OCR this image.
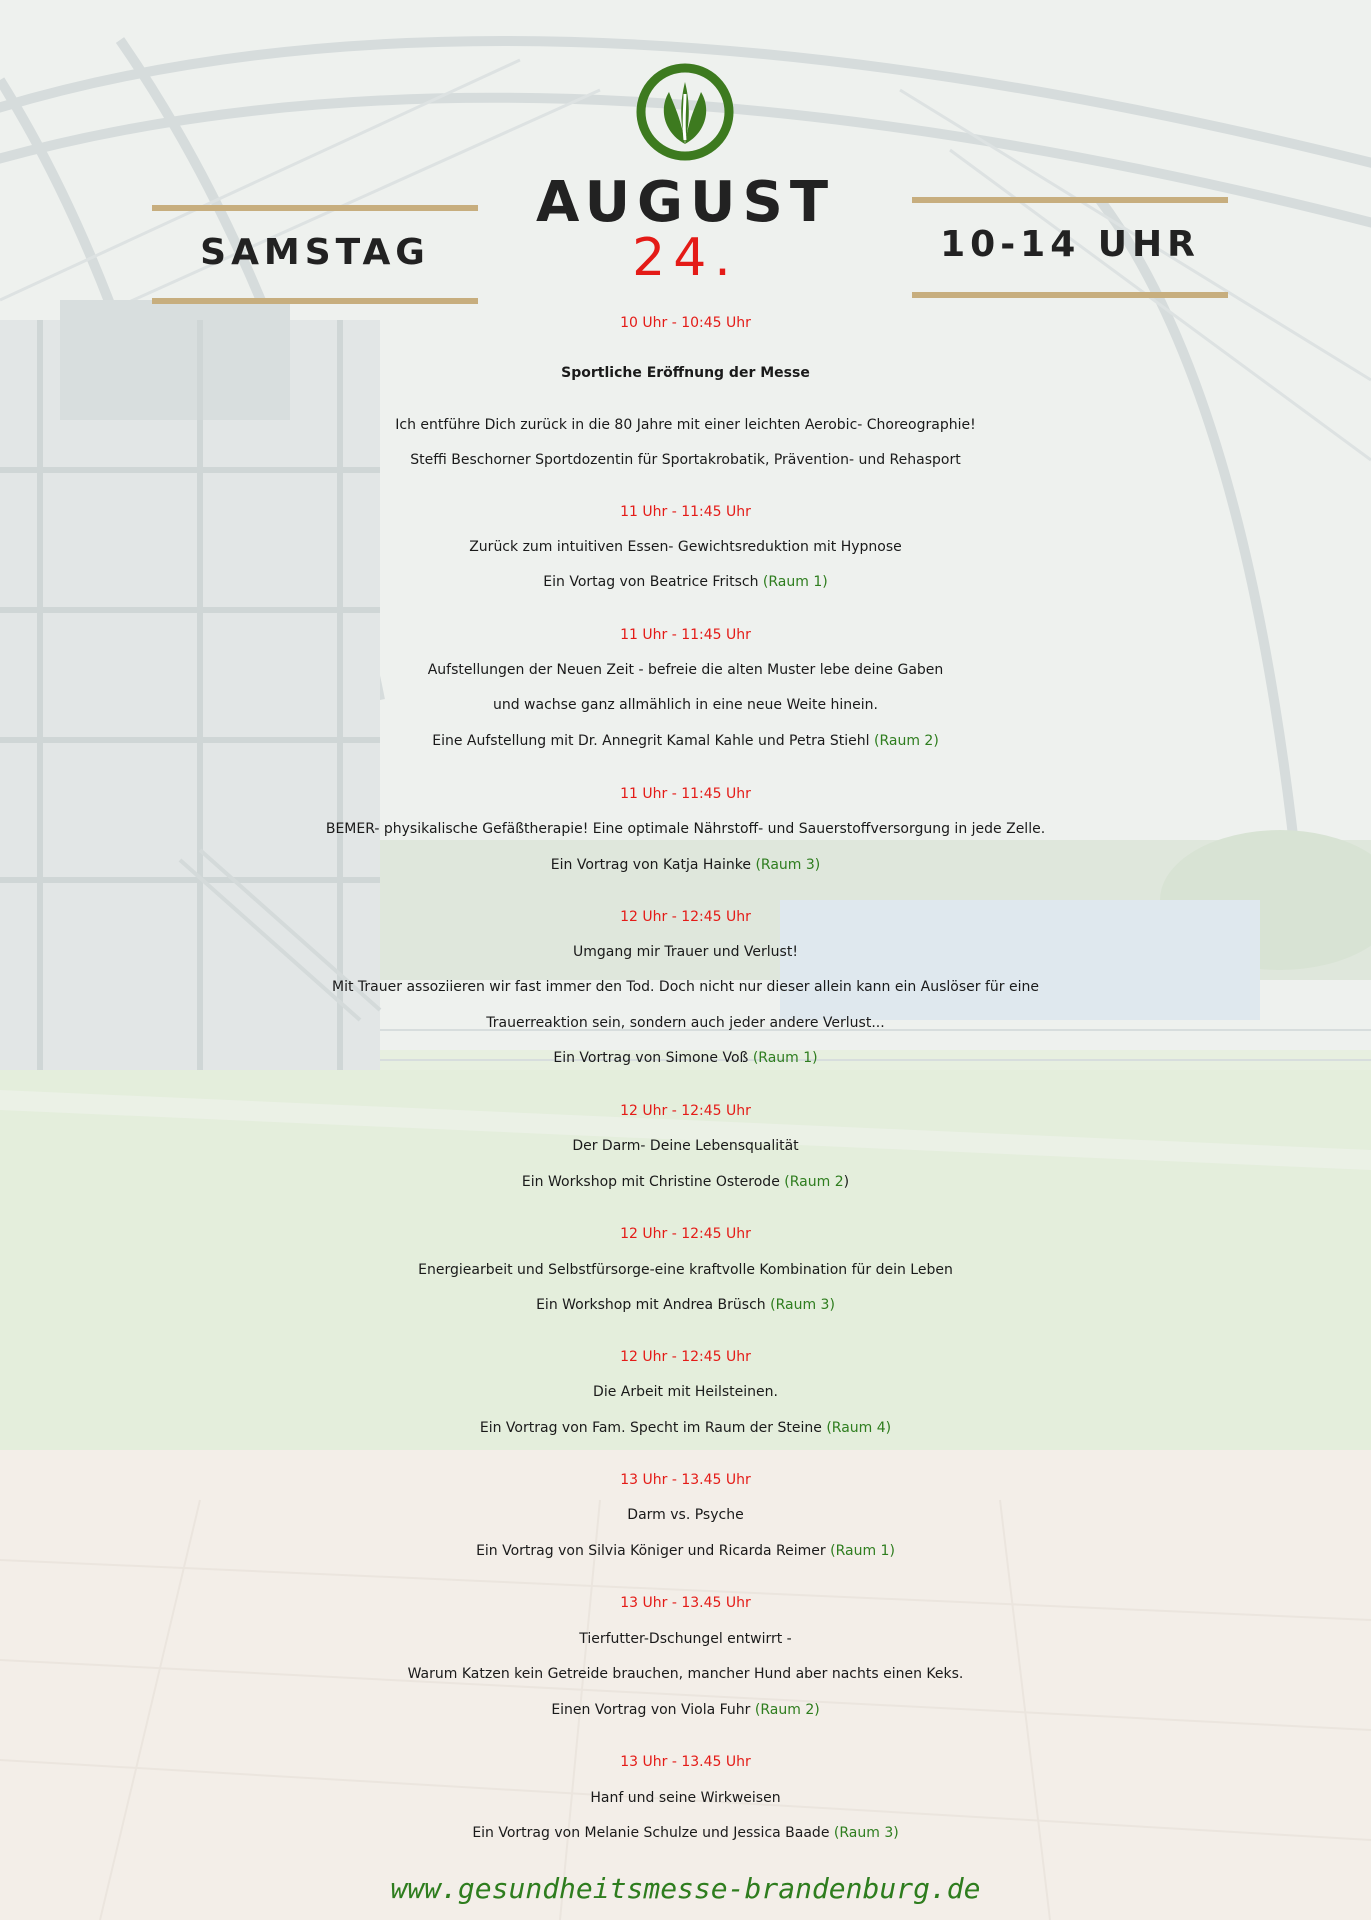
AUGUST
24.
SAMSTAG	10-14 UHR
10 Uhr - 10:45 Uhr
Sportliche Eröffnung der Messe
Ich entführe Dich zurück in die 80 Jahre mit einer leichten Aerobic- Choreographie!
Steffi Beschorner Sportdozentin für Sportakrobatik, Prävention- und Rehasport
11 Uhr - 11:45 Uhr
Zurück zum intuitiven Essen- Gewichtsreduktion mit Hypnose
Ein Vortag von Beatrice Fritsch (Raum 1)
11 Uhr - 11:45 Uhr
Aufstellungen der Neuen Zeit - befreie die alten Muster lebe deine Gaben
und wachse ganz allmählich in eine neue Weite hinein.
Eine Aufstellung mit Dr. Annegrit Kamal Kahle und Petra Stiehl (Raum 2)
11 Uhr - 11:45 Uhr
BEMER- physikalische Gefäßtherapie! Eine optimale Nährstoff- und Sauerstoffversorgung in jede Zelle.
Ein Vortrag von Katja Hainke (Raum 3)
12 Uhr - 12:45 Uhr
Umgang mir Trauer und Verlust!
Mit Trauer assoziieren wir fast immer den Tod. Doch nicht nur dieser allein kann ein Auslöser für eine
Trauerreaktion sein, sondern auch jeder andere Verlust...
Ein Vortrag von Simone Voß (Raum 1)
12 Uhr - 12:45 Uhr
Der Darm- Deine Lebensqualität
Ein Workshop mit Christine Osterode (Raum 2)
12 Uhr - 12:45 Uhr
Energiearbeit und Selbstfürsorge-eine kraftvolle Kombination für dein Leben
Ein Workshop mit Andrea Brüsch (Raum 3)
12 Uhr - 12:45 Uhr
Die Arbeit mit Heilsteinen.
Ein Vortrag von Fam. Specht im Raum der Steine (Raum 4)
13 Uhr - 13.45 Uhr
Darm vs. Psyche
Ein Vortrag von Silvia Königer und Ricarda Reimer (Raum 1)
13 Uhr - 13.45 Uhr
Tierfutter-Dschungel entwirrt -
Warum Katzen kein Getreide brauchen, mancher Hund aber nachts einen Keks.
Einen Vortrag von Viola Fuhr (Raum 2)
13 Uhr - 13.45 Uhr
Hanf und seine Wirkweisen
Ein Vortrag von Melanie Schulze und Jessica Baade (Raum 3)
www.gesundheitsmesse-brandenburg.de
